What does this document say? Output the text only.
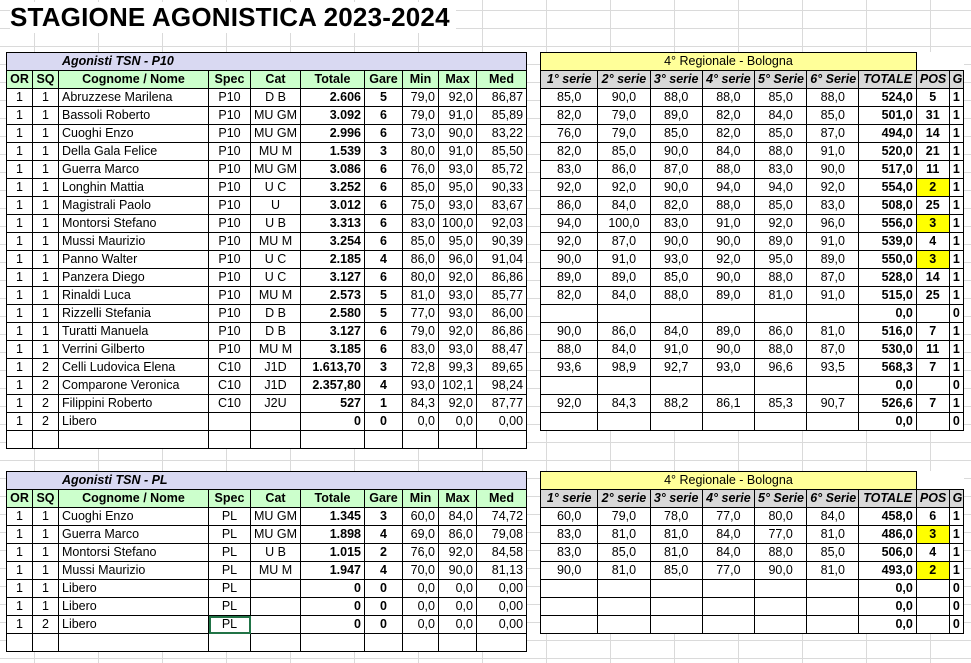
STAGIONE AGONISTICA 2023-2024
Agonisti TSN - P10									
OR	SQ	Cognome / Nome	Spec	Cat	Totale	Gare	Min	Max	Med
1	1	Abruzzese Marilena	P10	D B	2.606	5	79,0	92,0	86,87
1	1	Bassoli Roberto	P10	MU GM	3.092	6	79,0	91,0	85,89
1	1	Cuoghi Enzo	P10	MU GM	2.996	6	73,0	90,0	83,22
1	1	Della Gala Felice	P10	MU M	1.539	3	80,0	91,0	85,50
1	1	Guerra Marco	P10	MU GM	3.086	6	76,0	93,0	85,72
1	1	Longhin Mattia	P10	U C	3.252	6	85,0	95,0	90,33
1	1	Magistrali Paolo	P10	U	3.012	6	75,0	93,0	83,67
1	1	Montorsi Stefano	P10	U B	3.313	6	83,0	100,0	92,03
1	1	Mussi Maurizio	P10	MU M	3.254	6	85,0	95,0	90,39
1	1	Panno Walter	P10	U C	2.185	4	86,0	96,0	91,04
1	1	Panzera Diego	P10	U C	3.127	6	80,0	92,0	86,86
1	1	Rinaldi Luca	P10	MU M	2.573	5	81,0	93,0	85,77
1	1	Rizzelli Stefania	P10	D B	2.580	5	77,0	93,0	86,00
1	1	Turatti Manuela	P10	D B	3.127	6	79,0	92,0	86,86
1	1	Verrini Gilberto	P10	MU M	3.185	6	83,0	93,0	88,47
1	2	Celli Ludovica Elena	C10	J1D	1.613,70	3	72,8	99,3	89,65
1	2	Comparone Veronica	C10	J1D	2.357,80	4	93,0	102,1	98,24
1	2	Filippini Roberto	C10	J2U	527	1	84,3	92,0	87,77
1	2	Libero			0	0	0,0	0,0	0,00

4° Regionale - Bologna								
1° serie	2° serie	3° serie	4° serie	5° Serie	6° Serie	TOTALE	POS	G
85,0	90,0	88,0	88,0	85,0	88,0	524,0	5	1
82,0	79,0	89,0	82,0	84,0	85,0	501,0	31	1
76,0	79,0	85,0	82,0	85,0	87,0	494,0	14	1
82,0	85,0	90,0	84,0	88,0	91,0	520,0	21	1
83,0	86,0	87,0	88,0	83,0	90,0	517,0	11	1
92,0	92,0	90,0	94,0	94,0	92,0	554,0	2	1
86,0	84,0	82,0	88,0	85,0	83,0	508,0	25	1
94,0	100,0	83,0	91,0	92,0	96,0	556,0	3	1
92,0	87,0	90,0	90,0	89,0	91,0	539,0	4	1
90,0	91,0	93,0	92,0	95,0	89,0	550,0	3	1
89,0	89,0	85,0	90,0	88,0	87,0	528,0	14	1
82,0	84,0	88,0	89,0	81,0	91,0	515,0	25	1
						0,0		0
90,0	86,0	84,0	89,0	86,0	81,0	516,0	7	1
88,0	84,0	91,0	90,0	88,0	87,0	530,0	11	1
93,6	98,9	92,7	93,0	96,6	93,5	568,3	7	1
						0,0		0
92,0	84,3	88,2	86,1	85,3	90,7	526,6	7	1
						0,0		0
Agonisti TSN - PL									
OR	SQ	Cognome / Nome	Spec	Cat	Totale	Gare	Min	Max	Med
1	1	Cuoghi Enzo	PL	MU GM	1.345	3	60,0	84,0	74,72
1	1	Guerra Marco	PL	MU GM	1.898	4	69,0	86,0	79,08
1	1	Montorsi Stefano	PL	U B	1.015	2	76,0	92,0	84,58
1	1	Mussi Maurizio	PL	MU M	1.947	4	70,0	90,0	81,13
1	1	Libero	PL		0	0	0,0	0,0	0,00
1	1	Libero	PL		0	0	0,0	0,0	0,00
1	2	Libero	PL		0	0	0,0	0,0	0,00

4° Regionale - Bologna								
1° serie	2° serie	3° serie	4° serie	5° Serie	6° Serie	TOTALE	POS	G
60,0	79,0	78,0	77,0	80,0	84,0	458,0	6	1
83,0	81,0	81,0	84,0	77,0	81,0	486,0	3	1
83,0	85,0	81,0	84,0	88,0	85,0	506,0	4	1
90,0	81,0	85,0	77,0	90,0	81,0	493,0	2	1
						0,0		0
						0,0		0
						0,0		0
